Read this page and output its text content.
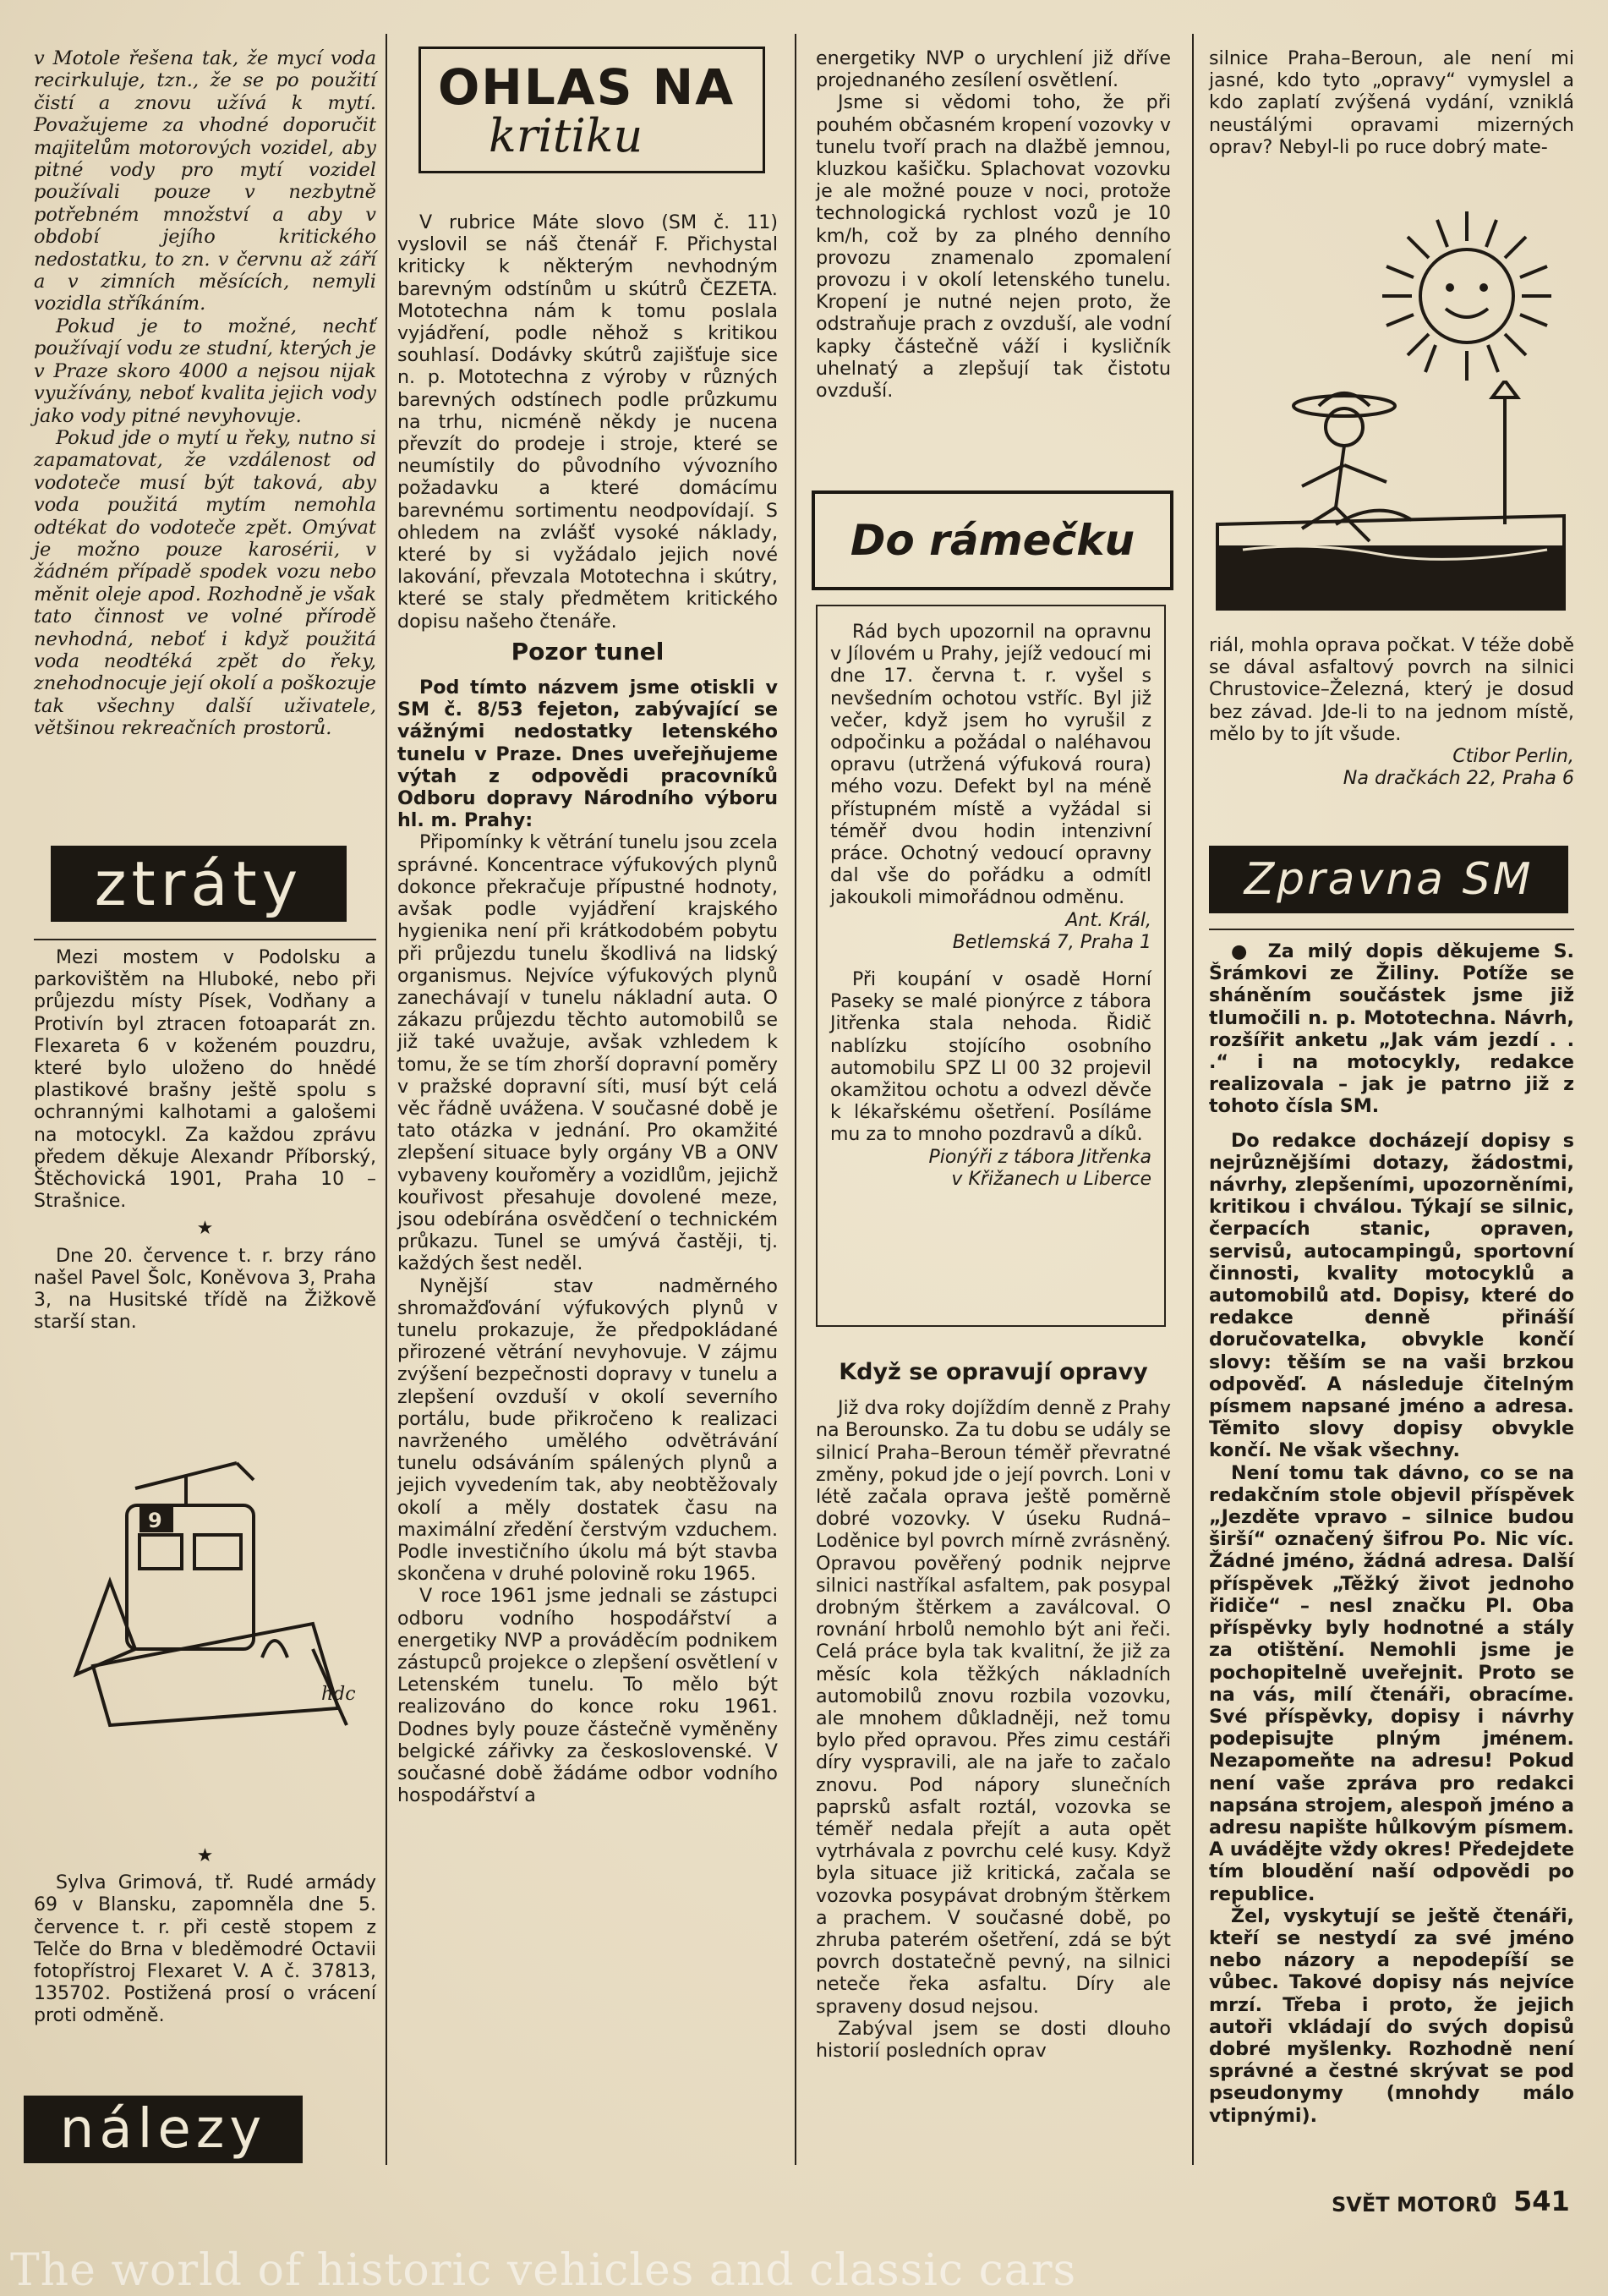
v Motole řešena tak, že mycí voda recirkuluje, tzn., že se po použití čistí a znovu užívá k mytí. Považujeme za vhodné doporučit majitelům motorových vozidel, aby pitné vody pro mytí vozidel používali pouze v nezbytně potřebném množství a aby v období jejího kritického nedostatku, to zn. v červnu až září a v zimních měsících, nemyli vozidla stříkáním.

Pokud je to možné, nechť používají vodu ze studní, kterých je v Praze skoro 4000 a nejsou nijak využívány, neboť kvalita jejich vody jako vody pitné nevyhovuje.

Pokud jde o mytí u řeky, nutno si zapamatovat, že vzdálenost od vodoteče musí být taková, aby voda použitá mytím nemohla odtékat do vodoteče zpět. Omývat je možno pouze karosérii, v žádném případě spodek vozu nebo měnit oleje apod. Rozhodně je však tato činnost ve volné přírodě nevhodná, neboť i když použitá voda neodtéká zpět do řeky, znehodnocuje její okolí a poškozuje tak všechny další uživatele, většinou rekreačních prostorů.

ztráty

Mezi mostem v Podolsku a parkovištěm na Hluboké, nebo při průjezdu místy Písek, Vodňany a Protivín byl ztracen fotoaparát zn. Flexareta 6 v koženém pouzdru, které bylo uloženo do hnědé plastikové brašny ještě spolu s ochrannými kalhotami a galošemi na motocykl. Za každou zprávu předem děkuje Alexandr Příborský, Štěchovická 1901, Praha 10 – Strašnice.

★

Dne 20. července t. r. brzy ráno našel Pavel Šolc, Koněvova 3, Praha 3, na Husitské třídě na Žižkově starší stan.

9
hdc
★

Sylva Grimová, tř. Rudé armády 69 v Blansku, zapomněla dne 5. července t. r. při cestě stopem z Telče do Brna v bleděmodré Octavii fotopřístroj Flexaret V. A č. 37813, 135702. Postižená prosí o vrácení proti odměně.

nálezy
OHLAS NA
kritiku

V rubrice Máte slovo (SM č. 11) vyslovil se náš čtenář F. Přichystal kriticky k některým nevhodným barevným odstínům u skútrů ČEZETA. Mototechna nám k tomu poslala vyjádření, podle něhož s kritikou souhlasí. Dodávky skútrů zajišťuje sice n. p. Mototechna z výroby v různých barevných odstínech podle průzkumu na trhu, nicméně někdy je nucena převzít do prodeje i stroje, které se neumístily do původního vývozního požadavku a které domácímu barevnému sortimentu neodpovídají. S ohledem na zvlášť vysoké náklady, které by si vyžádalo jejich nové lakování, převzala Mototechna i skútry, které se staly předmětem kritického dopisu našeho čtenáře.

Pozor tunel

Pod tímto názvem jsme otiskli v SM č. 8/53 fejeton, zabývající se vážnými nedostatky letenského tunelu v Praze. Dnes uveřejňujeme výtah z odpovědi pracovníků Odboru dopravy Národního výboru hl. m. Prahy:

Připomínky k větrání tunelu jsou zcela správné. Koncentrace výfukových plynů dokonce překračuje přípustné hodnoty, avšak podle vyjádření krajského hygienika není při krátkodobém pobytu při průjezdu tunelu škodlivá na lidský organismus. Nejvíce výfukových plynů zanechávají v tunelu nákladní auta. O zákazu průjezdu těchto automobilů se již také uvažuje, avšak vzhledem k tomu, že se tím zhorší dopravní poměry v pražské dopravní síti, musí být celá věc řádně uvážena. V současné době je tato otázka v jednání. Pro okamžité zlepšení situace byly orgány VB a ONV vybaveny kouřoměry a vozidlům, jejichž kouřivost přesahuje dovolené meze, jsou odebírána osvědčení o technickém průkazu. Tunel se umývá častěji, tj. každých šest neděl.

Nynější stav nadměrného shromažďování výfukových plynů v tunelu prokazuje, že předpokládané přirozené větrání nevyhovuje. V zájmu zvýšení bezpečnosti dopravy v tunelu a zlepšení ovzduší v okolí severního portálu, bude přikročeno k realizaci navrženého umělého odvětrávání tunelu odsáváním spálených plynů a jejich vyvedením tak, aby neobtěžovaly okolí a měly dostatek času na maximální zředění čerstvým vzduchem. Podle investičního úkolu má být stavba skončena v druhé polovině roku 1965.

V roce 1961 jsme jednali se zástupci odboru vodního hospodářství a energetiky NVP a prováděcím podnikem zástupců projekce o zlepšení osvětlení v Letenském tunelu. To mělo být realizováno do konce roku 1961. Dodnes byly pouze částečně vyměněny belgické zářivky za československé. V současné době žádáme odbor vodního hospodářství a

energetiky NVP o urychlení již dříve projednaného zesílení osvětlení.

Jsme si vědomi toho, že při pouhém občasném kropení vozovky v tunelu tvoří prach na dlažbě jemnou, kluzkou kašičku. Splachovat vozovku je ale možné pouze v noci, protože technologická rychlost vozů je 10 km/h, což by za plného denního provozu znamenalo zpomalení provozu i v okolí letenského tunelu. Kropení je nutné nejen proto, že odstraňuje prach z ovzduší, ale vodní kapky částečně váží i kysličník uhelnatý a zlepšují tak čistotu ovzduší.

Do rámečku

Rád bych upozornil na opravnu v Jílovém u Prahy, jejíž vedoucí mi dne 17. června t. r. vyšel s nevšedním ochotou vstříc. Byl již večer, když jsem ho vyrušil z odpočinku a požádal o naléhavou opravu (utržená výfuková roura) mého vozu. Defekt byl na méně přístupném místě a vyžádal si téměř dvou hodin intenzivní práce. Ochotný vedoucí opravny dal vše do pořádku a odmítl jakoukoli mimořádnou odměnu.

Ant. Král,
Betlemská 7, Praha 1

Při koupání v osadě Horní Paseky se malé pionýrce z tábora Jitřenka stala nehoda. Řidič nablízku stojícího osobního automobilu SPZ LI 00 32 projevil okamžitou ochotu a odvezl děvče k lékařskému ošetření. Posíláme mu za to mnoho pozdravů a díků.

Pionýři z tábora Jitřenka
v Křižanech u Liberce
Když se opravují opravy

Již dva roky dojíždím denně z Prahy na Berounsko. Za tu dobu se udály se silnicí Praha–Beroun téměř převratné změny, pokud jde o její povrch. Loni v létě začala oprava ještě poměrně dobré vozovky. V úseku Rudná–Loděnice byl povrch mírně zvrásněný. Opravou pověřený podnik nejprve silnici nastříkal asfaltem, pak posypal drobným štěrkem a zaválcoval. O rovnání hrbolů nemohlo být ani řeči. Celá práce byla tak kvalitní, že již za měsíc kola těžkých nákladních automobilů znovu rozbila vozovku, ale mnohem důkladněji, než tomu bylo před opravou. Přes zimu cestáři díry vyspravili, ale na jaře to začalo znovu. Pod nápory slunečních paprsků asfalt roztál, vozovka se téměř nedala přejít a auta opět vytrhávala z povrchu celé kusy. Když byla situace již kritická, začala se vozovka posypávat drobným štěrkem a prachem. V současné době, po zhruba paterém ošetření, zdá se být povrch dostatečně pevný, na silnici neteče řeka asfaltu. Díry ale spraveny dosud nejsou.

Zabýval jsem se dosti dlouho historií posledních oprav

silnice Praha–Beroun, ale není mi jasné, kdo tyto „opravy“ vymyslel a kdo zaplatí zvýšená vydání, vzniklá neustálými opravami mizerných oprav? Nebyl-li po ruce dobrý mate-

riál, mohla oprava počkat. V téže době se dával asfaltový povrch na silnici Chrustovice–Železná, který je dosud bez závad. Jde-li to na jednom místě, mělo by to jít všude.

Ctibor Perlin,
Na dračkách 22, Praha 6
Zpravna SM

● Za milý dopis děkujeme S. Šrámkovi ze Žiliny. Potíže se sháněním součástek jsme již tlumočili n. p. Mototechna. Návrh, rozšířit anketu „Jak vám jezdí . . .“ i na motocykly, redakce realizovala – jak je patrno již z tohoto čísla SM.

Do redakce docházejí dopisy s nejrůznějšími dotazy, žádostmi, návrhy, zlepšeními, upozorněními, kritikou i chválou. Týkají se silnic, čerpacích stanic, opraven, servisů, autocampingů, sportovní činnosti, kvality motocyklů a automobilů atd. Dopisy, které do redakce denně přináší doručovatelka, obvykle končí slovy: těším se na vaši brzkou odpověď. A následuje čitelným písmem napsané jméno a adresa. Těmito slovy dopisy obvykle končí. Ne však všechny.

Není tomu tak dávno, co se na redakčním stole objevil příspěvek „Jezděte vpravo – silnice budou širší“ označený šifrou Po. Nic víc. Žádné jméno, žádná adresa. Další příspěvek „Těžký život jednoho řidiče“ – nesl značku Pl. Oba příspěvky byly hodnotné a stály za otištění. Nemohli jsme je pochopitelně uveřejnit. Proto se na vás, milí čtenáři, obracíme. Své příspěvky, dopisy i návrhy podepisujte plným jménem. Nezapomeňte na adresu! Pokud není vaše zpráva pro redakci napsána strojem, alespoň jméno a adresu napište hůlkovým písmem. A uvádějte vždy okres! Předejdete tím bloudění naší odpovědi po republice.

Žel, vyskytují se ještě čtenáři, kteří se nestydí za své jméno nebo názory a nepodepíší se vůbec. Takové dopisy nás nejvíce mrzí. Třeba i proto, že jejich autoři vkládají do svých dopisů dobré myšlenky. Rozhodně není správné a čestné skrývat se pod pseudonymy (mnohdy málo vtipnými).

SVĚT MOTORŮ 541
The world of historic vehicles and classic cars
